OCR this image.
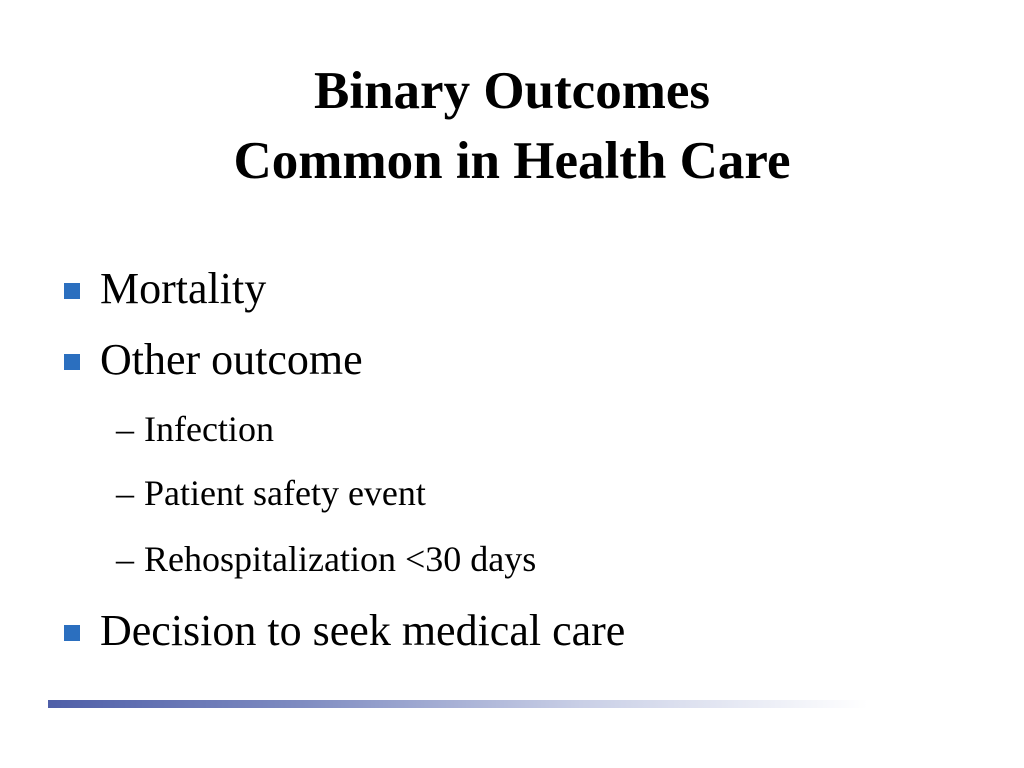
Binary Outcomes
Common in Health Care
Mortality
Other outcome
– Infection
– Patient safety event
– Rehospitalization <30 days
Decision to seek medical care
